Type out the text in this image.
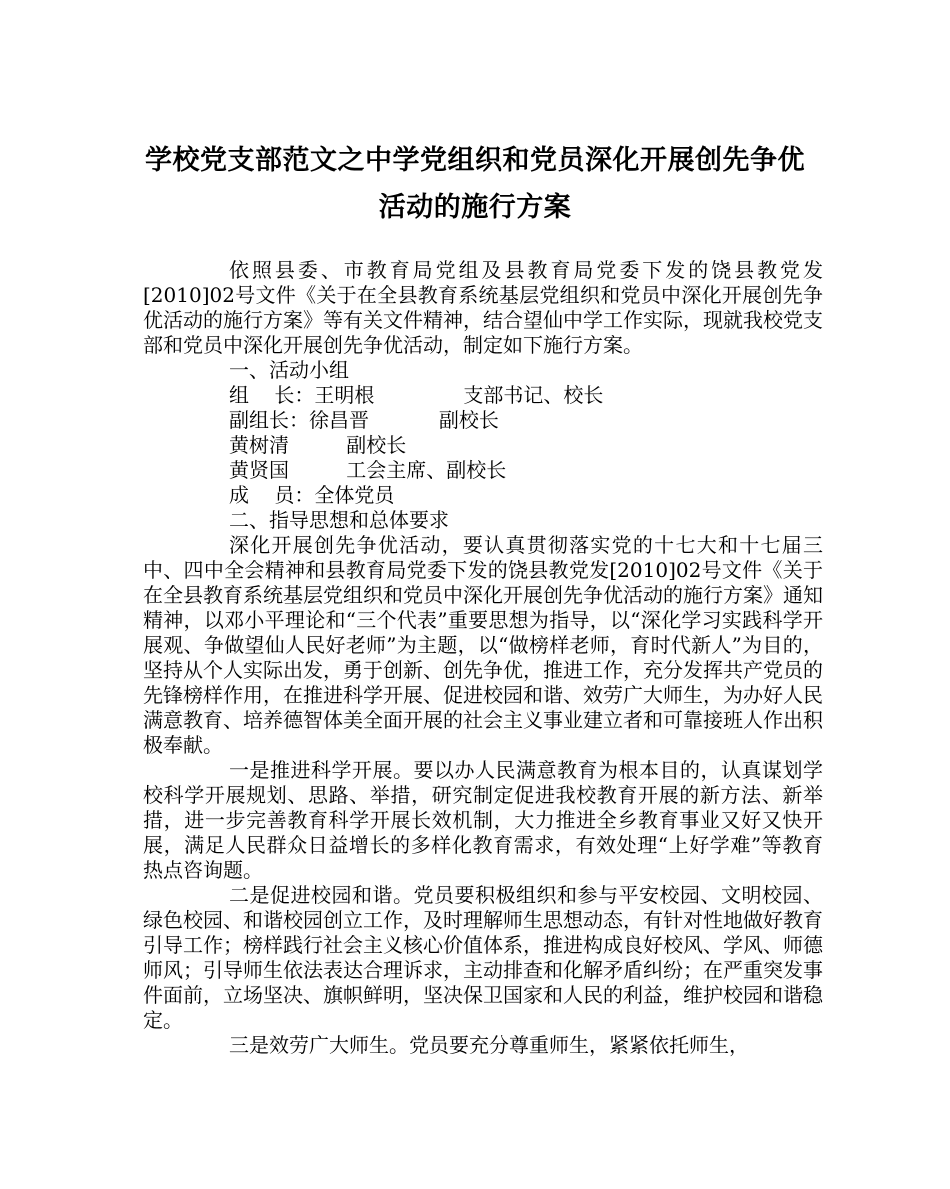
学校党支部范文之中学党组织和党员深化开展创先争优
活动的施行方案

依照县委、市教育局党组及县教育局党委下发的饶县教党发[2010]02号文件《关于在全县教育系统基层党组织和党员中深化开展创先争优活动的施行方案》等有关文件精神，结合望仙中学工作实际，现就我校党支部和党员中深化开展创先争优活动，制定如下施行方案。

一、活动小组

组    长：王明根              支部书记、校长

副组长：徐昌晋           副校长

黄树清         副校长

黄贤国         工会主席、副校长

成    员：全体党员

二、指导思想和总体要求

深化开展创先争优活动，要认真贯彻落实党的十七大和十七届三中、四中全会精神和县教育局党委下发的饶县教党发[2010]02号文件《关于在全县教育系统基层党组织和党员中深化开展创先争优活动的施行方案》通知精神，以邓小平理论和“三个代表”重要思想为指导，以“深化学习实践科学开展观、争做望仙人民好老师”为主题，以“做榜样老师，育时代新人”为目的，坚持从个人实际出发，勇于创新、创先争优，推进工作，充分发挥共产党员的先锋榜样作用，在推进科学开展、促进校园和谐、效劳广大师生，为办好人民满意教育、培养德智体美全面开展的社会主义事业建立者和可靠接班人作出积极奉献。

一是推进科学开展。要以办人民满意教育为根本目的，认真谋划学校科学开展规划、思路、举措，研究制定促进我校教育开展的新方法、新举措，进一步完善教育科学开展长效机制，大力推进全乡教育事业又好又快开展，满足人民群众日益增长的多样化教育需求，有效处理“上好学难”等教育热点咨询题。

二是促进校园和谐。党员要积极组织和参与平安校园、文明校园、绿色校园、和谐校园创立工作，及时理解师生思想动态，有针对性地做好教育引导工作；榜样践行社会主义核心价值体系，推进构成良好校风、学风、师德师风；引导师生依法表达合理诉求，主动排查和化解矛盾纠纷；在严重突发事件面前，立场坚决、旗帜鲜明，坚决保卫国家和人民的利益，维护校园和谐稳定。

三是效劳广大师生。党员要充分尊重师生，紧紧依托师生，
